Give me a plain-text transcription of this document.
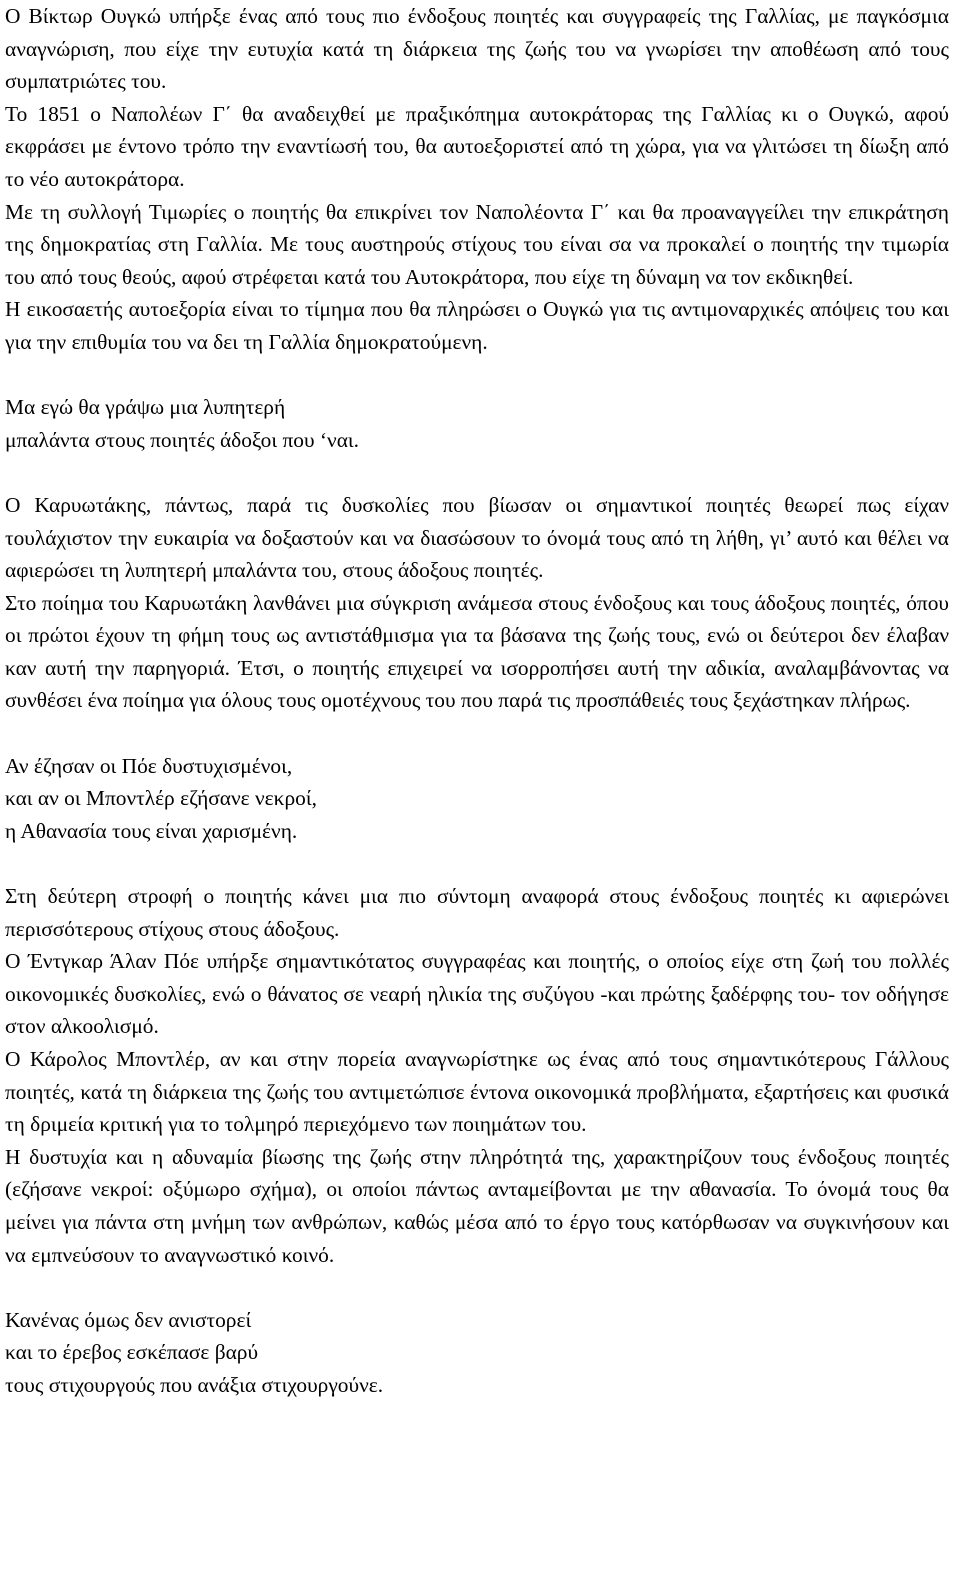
Ο Βίκτωρ Ουγκώ υπήρξε ένας από τους πιο ένδοξους ποιητές και συγγραφείς της Γαλλίας, με παγκόσμια αναγνώριση, που είχε την ευτυχία κατά τη διάρκεια της ζωής του να γνωρίσει την αποθέωση από τους συμπατριώτες του.

Το 1851 ο Ναπολέων Γ΄ θα αναδειχθεί με πραξικόπημα αυτοκράτορας της Γαλλίας κι ο Ουγκώ, αφού εκφράσει με έντονο τρόπο την εναντίωσή του, θα αυτοεξοριστεί από τη χώρα, για να γλιτώσει τη δίωξη από το νέο αυτοκράτορα.

Με τη συλλογή Τιμωρίες ο ποιητής θα επικρίνει τον Ναπολέοντα Γ΄ και θα προαναγγείλει την επικράτηση της δημοκρατίας στη Γαλλία. Με τους αυστηρούς στίχους του είναι σα να προκαλεί ο ποιητής την τιμωρία του από τους θεούς, αφού στρέφεται κατά του Αυτοκράτορα, που είχε τη δύναμη να τον εκδικηθεί.

Η εικοσαετής αυτοεξορία είναι το τίμημα που θα πληρώσει ο Ουγκώ για τις αντιμοναρχικές απόψεις του και για την επιθυμία του να δει τη Γαλλία δημοκρατούμενη.

Μα εγώ θα γράψω μια λυπητερή
μπαλάντα στους ποιητές άδοξοι που ‘ναι.

Ο Καρυωτάκης, πάντως, παρά τις δυσκολίες που βίωσαν οι σημαντικοί ποιητές θεωρεί πως είχαν τουλάχιστον την ευκαιρία να δοξαστούν και να διασώσουν το όνομά τους από τη λήθη, γι’ αυτό και θέλει να αφιερώσει τη λυπητερή μπαλάντα του, στους άδοξους ποιητές.

Στο ποίημα του Καρυωτάκη λανθάνει μια σύγκριση ανάμεσα στους ένδοξους και τους άδοξους ποιητές, όπου οι πρώτοι έχουν τη φήμη τους ως αντιστάθμισμα για τα βάσανα της ζωής τους, ενώ οι δεύτεροι δεν έλαβαν καν αυτή την παρηγοριά. Έτσι, ο ποιητής επιχειρεί να ισορροπήσει αυτή την αδικία, αναλαμβάνοντας να συνθέσει ένα ποίημα για όλους τους ομοτέχνους του που παρά τις προσπάθειές τους ξεχάστηκαν πλήρως.

Αν έζησαν οι Πόε δυστυχισμένοι,
και αν οι Μποντλέρ εζήσανε νεκροί,
η Αθανασία τους είναι χαρισμένη.

Στη δεύτερη στροφή ο ποιητής κάνει μια πιο σύντομη αναφορά στους ένδοξους ποιητές κι αφιερώνει περισσότερους στίχους στους άδοξους.

Ο Έντγκαρ Άλαν Πόε υπήρξε σημαντικότατος συγγραφέας και ποιητής, ο οποίος είχε στη ζωή του πολλές οικονομικές δυσκολίες, ενώ ο θάνατος σε νεαρή ηλικία της συζύγου -και πρώτης ξαδέρφης του- τον οδήγησε στον αλκοολισμό.

Ο Κάρολος Μποντλέρ, αν και στην πορεία αναγνωρίστηκε ως ένας από τους σημαντικότερους Γάλλους ποιητές, κατά τη διάρκεια της ζωής του αντιμετώπισε έντονα οικονομικά προβλήματα, εξαρτήσεις και φυσικά τη δριμεία κριτική για το τολμηρό περιεχόμενο των ποιημάτων του.

Η δυστυχία και η αδυναμία βίωσης της ζωής στην πληρότητά της, χαρακτηρίζουν τους ένδοξους ποιητές (εζήσανε νεκροί: οξύμωρο σχήμα), οι οποίοι πάντως ανταμείβονται με την αθανασία. Το όνομά τους θα μείνει για πάντα στη μνήμη των ανθρώπων, καθώς μέσα από το έργο τους κατόρθωσαν να συγκινήσουν και να εμπνεύσουν το αναγνωστικό κοινό.

Κανένας όμως δεν ανιστορεί
και το έρεβος εσκέπασε βαρύ
τους στιχουργούς που ανάξια στιχουργούνε.
